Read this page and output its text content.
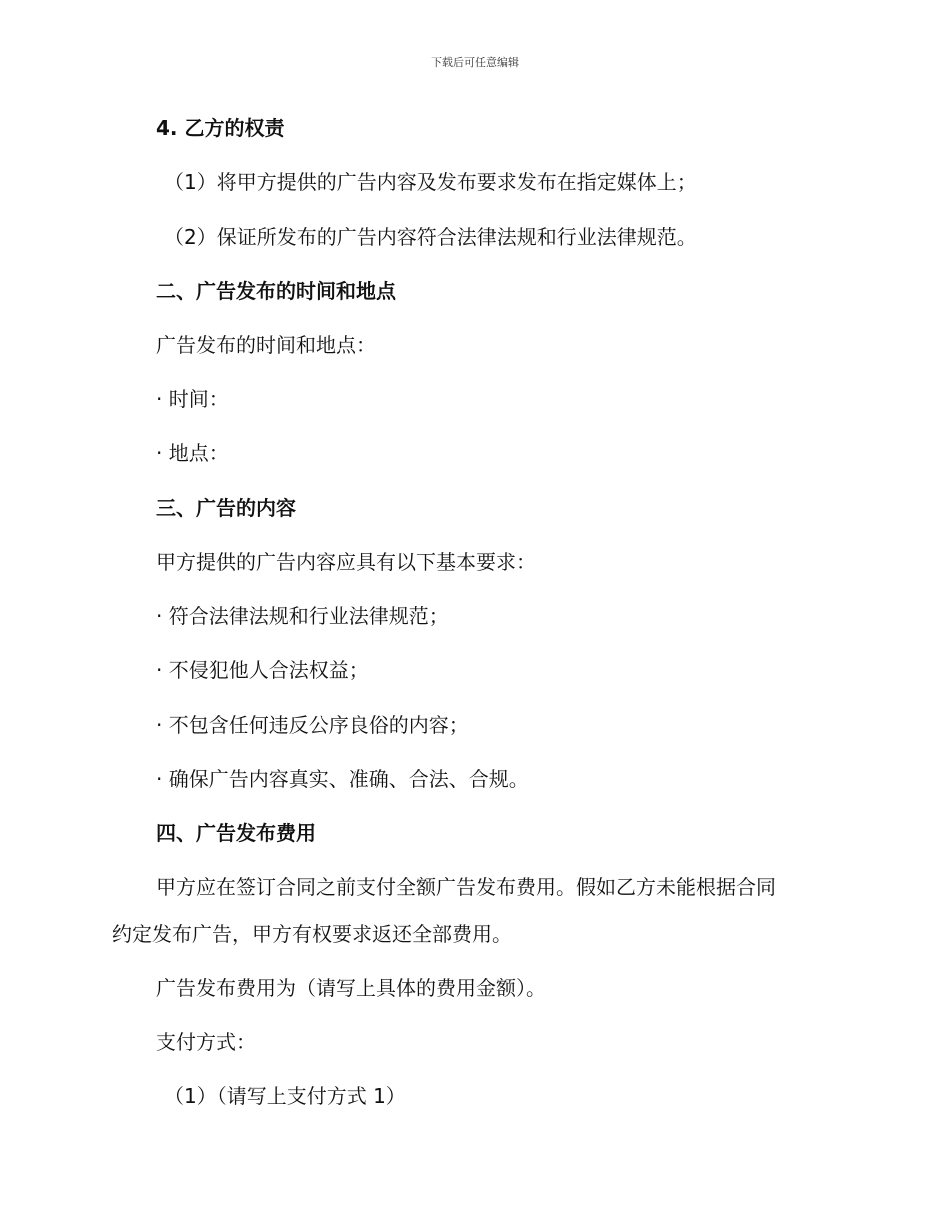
下载后可任意编辑
4. 乙方的权责
（1）将甲方提供的广告内容及发布要求发布在指定媒体上；
（2）保证所发布的广告内容符合法律法规和行业法律规范。
二、广告发布的时间和地点
广告发布的时间和地点：
· 时间：
· 地点：
三、广告的内容
甲方提供的广告内容应具有以下基本要求：
· 符合法律法规和行业法律规范；
· 不侵犯他人合法权益；
· 不包含任何违反公序良俗的内容；
· 确保广告内容真实、准确、合法、合规。
四、广告发布费用
甲方应在签订合同之前支付全额广告发布费用。假如乙方未能根据合同
约定发布广告，甲方有权要求返还全部费用。
广告发布费用为（请写上具体的费用金额）。
支付方式：
（1）（请写上支付方式 1）
